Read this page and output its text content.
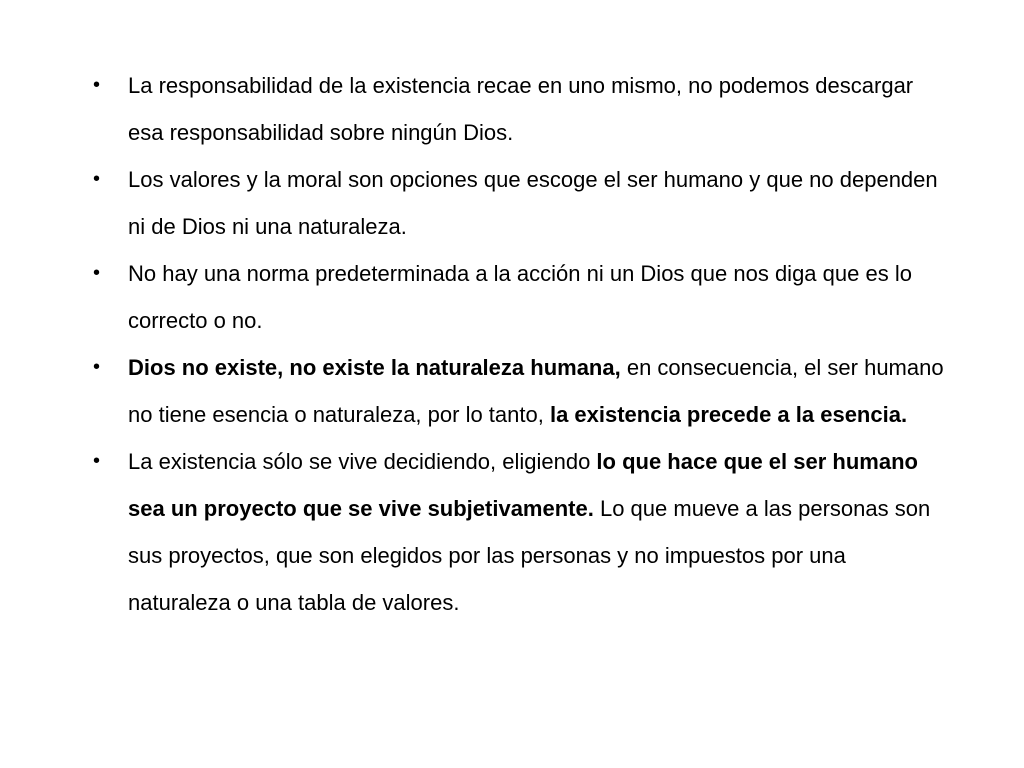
•	La responsabilidad de la existencia recae en uno mismo, no podemos descargar esa responsabilidad sobre ningún Dios.
•	Los valores y la moral son opciones que escoge el ser humano y que no dependen ni de Dios ni una naturaleza.
•	No hay una norma predeterminada a la acción ni un Dios que nos diga que es lo correcto o no.
•	Dios no existe, no existe la naturaleza humana, en consecuencia, el ser humano no tiene esencia o naturaleza, por lo tanto, la existencia precede a la esencia.
•	La existencia sólo se vive decidiendo, eligiendo lo que hace que el ser humano sea un proyecto que se vive subjetivamente. Lo que mueve a las personas son sus proyectos, que son elegidos por las personas y no impuestos por una naturaleza o una tabla de valores.
